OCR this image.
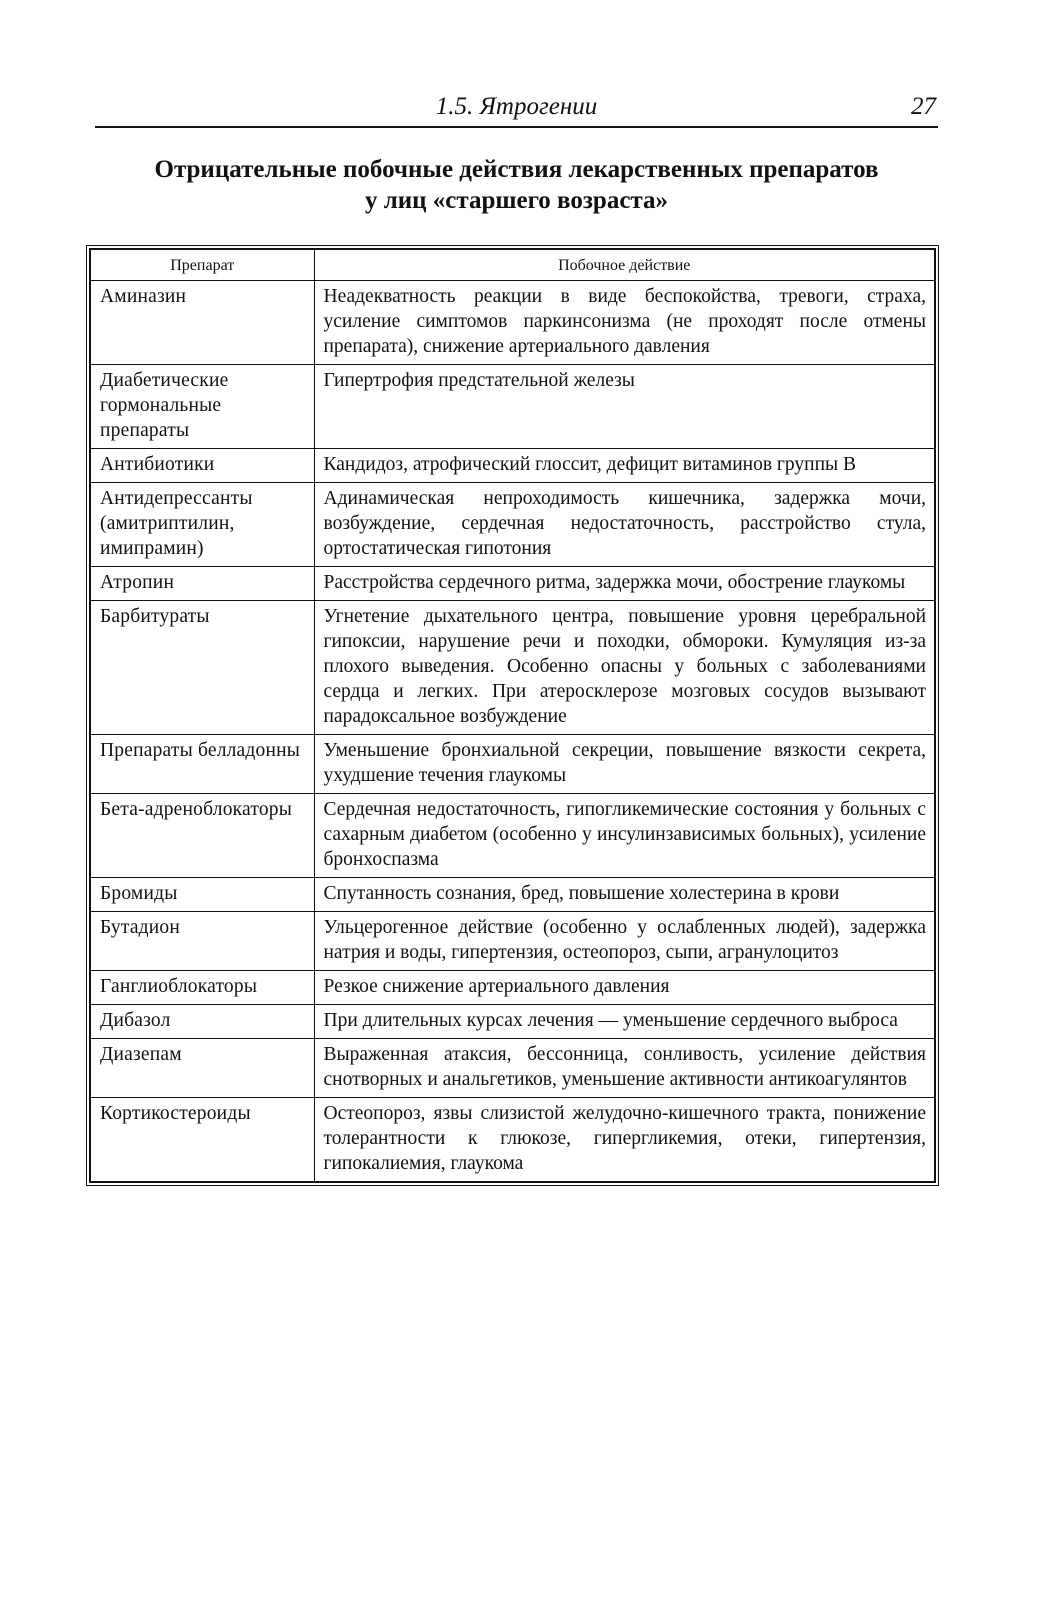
1.5. Ятрогении	27
Отрицательные побочные действия лекарственных препаратов
у лиц «старшего возраста»
Препарат	Побочное действие
Аминазин	Неадекватность реакции в виде беспокойства, тревоги, страха, усиление симптомов паркинсонизма (не проходят после отмены препарата), снижение артериального давления
Диабетические гормональные препараты	Гипертрофия предстательной железы
Антибиотики	Кандидоз, атрофический глоссит, дефицит витаминов группы В
Антидепрессанты (амитриптилин, имипрамин)	Адинамическая непроходимость кишечника, задержка мочи, возбуждение, сердечная недостаточность, расстройство стула, ортостатическая гипотония
Атропин	Расстройства сердечного ритма, задержка мочи, обострение глаукомы
Барбитураты	Угнетение дыхательного центра, повышение уровня церебральной гипоксии, нарушение речи и походки, обмороки. Кумуляция из-за плохого выведения. Особенно опасны у больных с заболеваниями сердца и легких. При атеросклерозе мозговых сосудов вызывают парадоксальное возбуждение
Препараты белладонны	Уменьшение бронхиальной секреции, повышение вязкости секрета, ухудшение течения глаукомы
Бета-адреноблокаторы	Сердечная недостаточность, гипогликемические состояния у больных с сахарным диабетом (особенно у инсулинзависимых больных), усиление бронхоспазма
Бромиды	Спутанность сознания, бред, повышение холестерина в крови
Бутадион	Ульцерогенное действие (особенно у ослабленных людей), задержка натрия и воды, гипертензия, остеопороз, сыпи, агранулоцитоз
Ганглиоблокаторы	Резкое снижение артериального давления
Дибазол	При длительных курсах лечения — уменьшение сердечного выброса
Диазепам	Выраженная атаксия, бессонница, сонливость, усиление действия снотворных и анальгетиков, уменьшение активности антикоагулянтов
Кортикостероиды	Остеопороз, язвы слизистой желудочно-кишечного тракта, понижение толерантности к глюкозе, гипергликемия, отеки, гипертензия, гипокалиемия, глаукома
